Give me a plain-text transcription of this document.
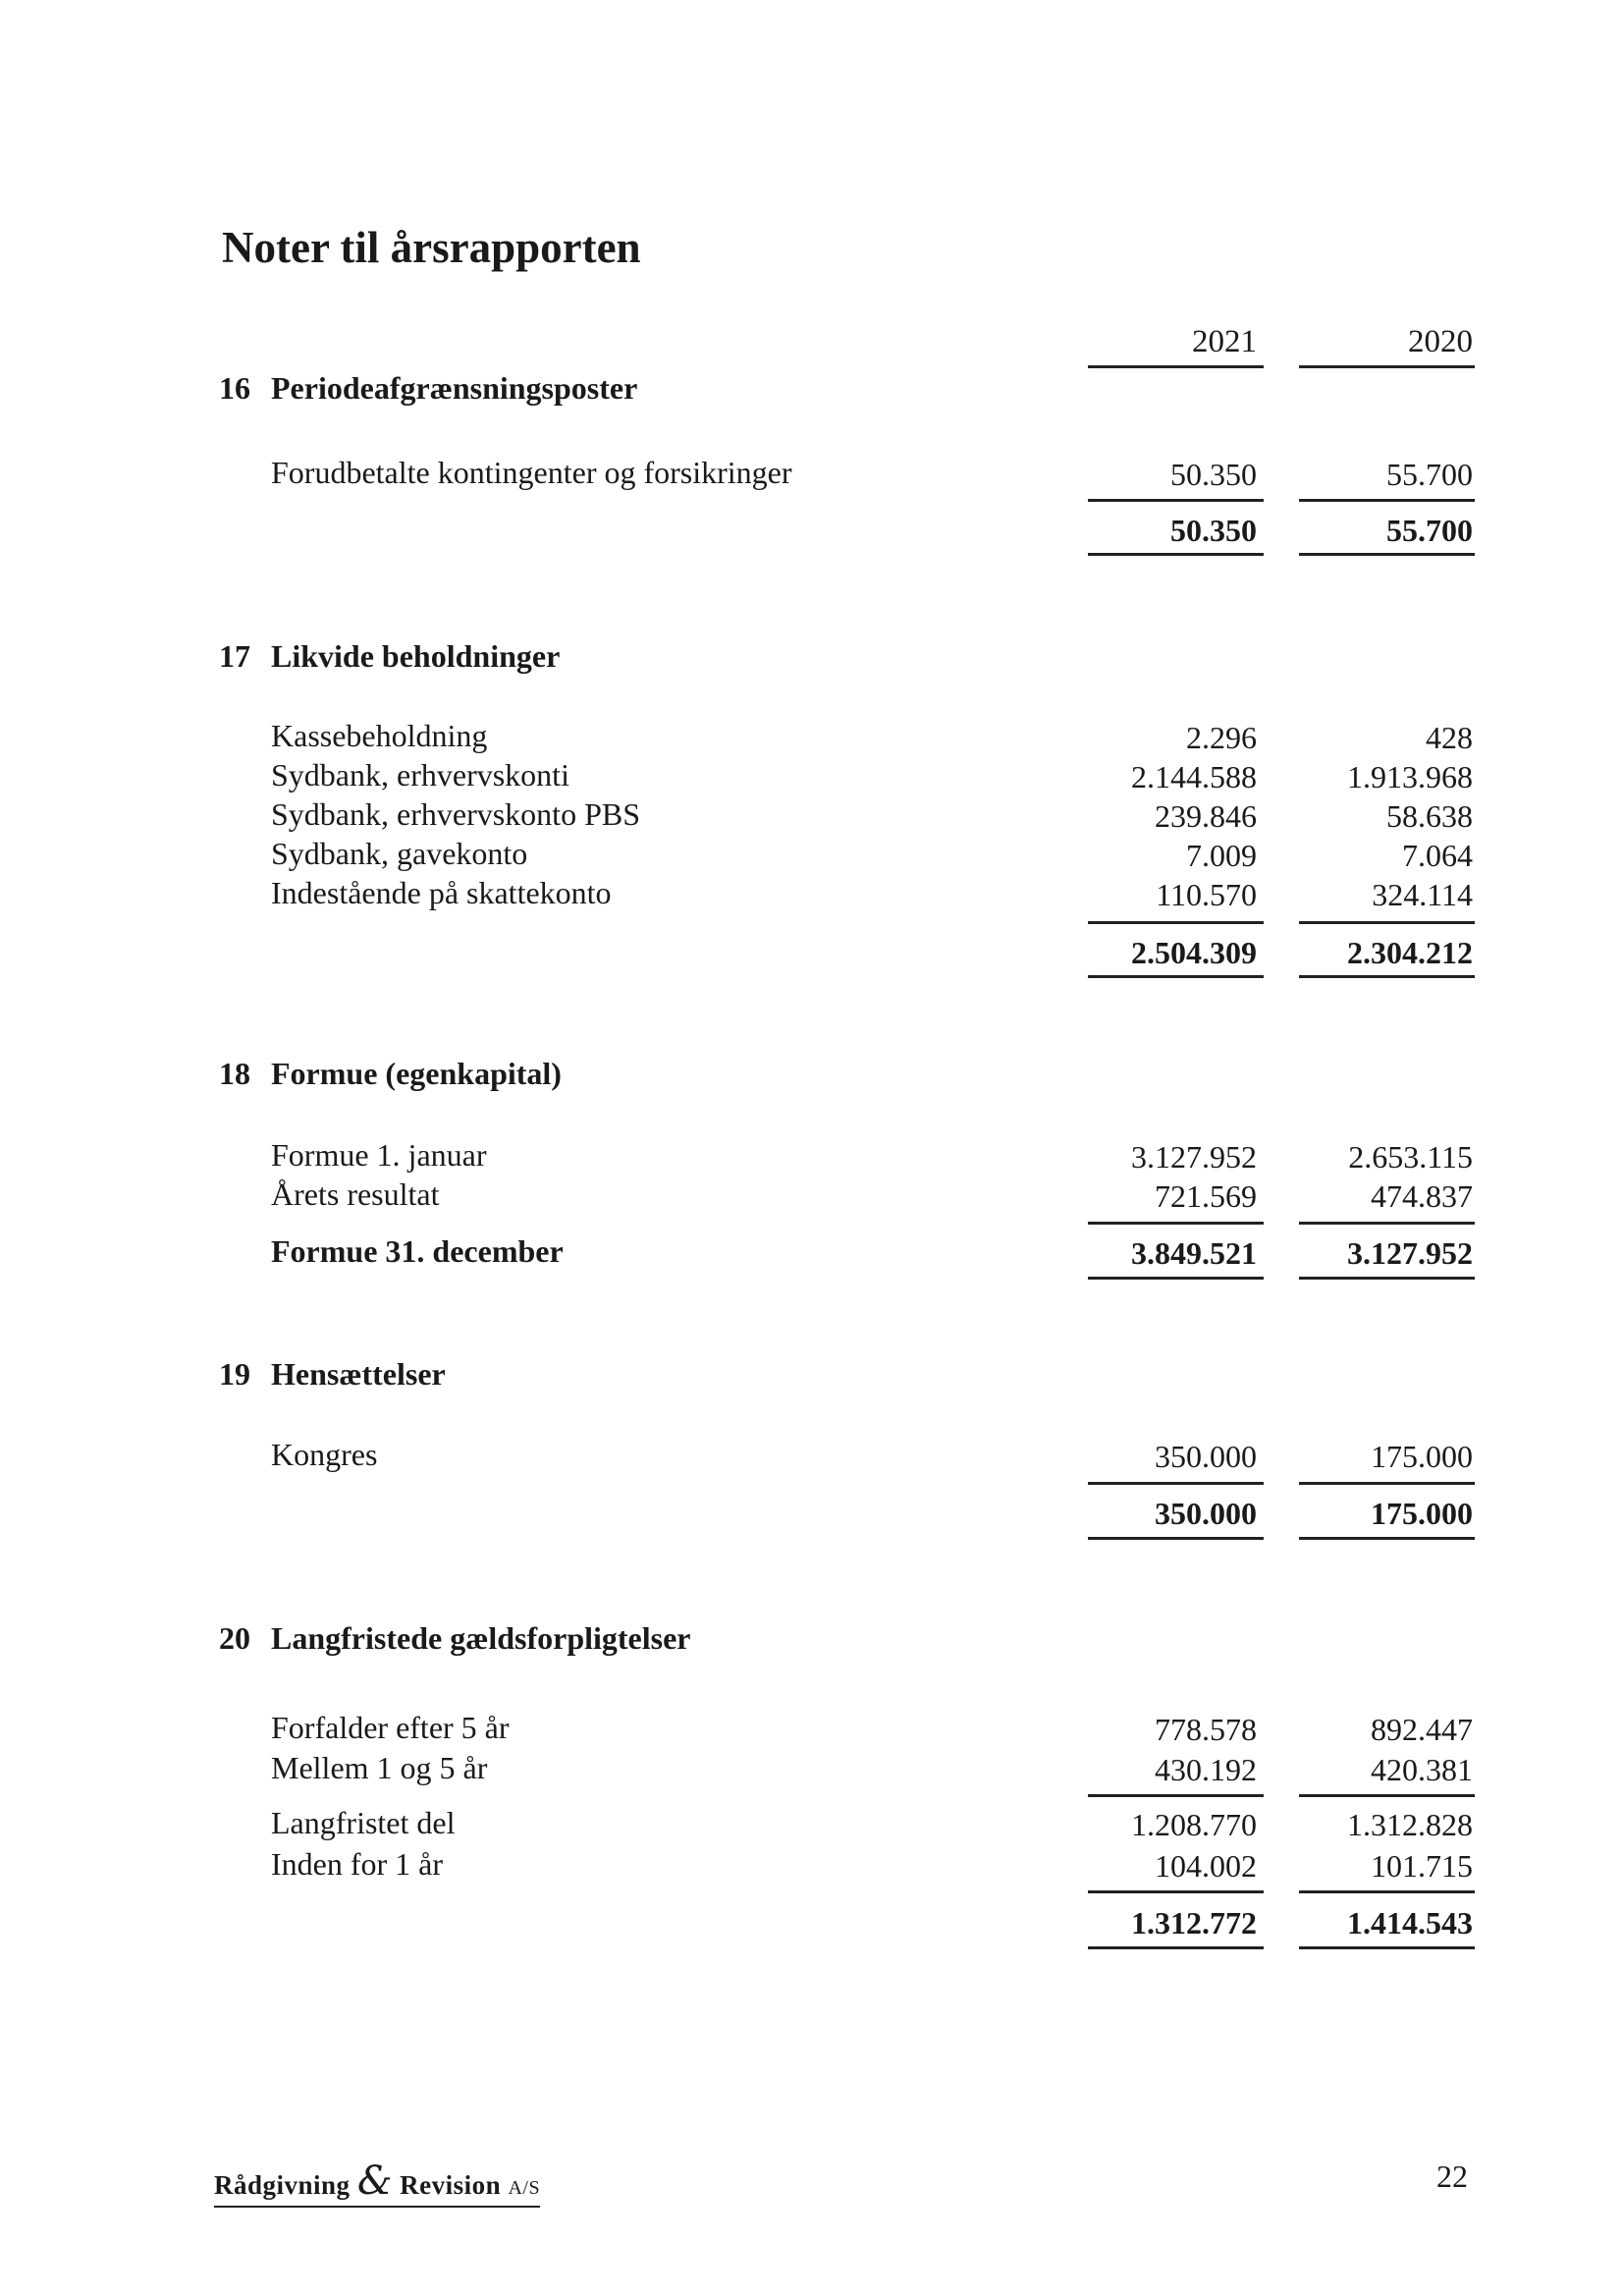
Noter til årsrapporten
2021	2020
16 Periodeafgrænsningsposter
Forudbetalte kontingenter og forsikringer	50.350	55.700
50.350	55.700
17 Likvide beholdninger
Kassebeholdning	2.296	428
Sydbank, erhvervskonti	2.144.588	1.913.968
Sydbank, erhvervskonto PBS	239.846	58.638
Sydbank, gavekonto	7.009	7.064
Indestående på skattekonto	110.570	324.114
2.504.309	2.304.212
18 Formue (egenkapital)
Formue 1. januar	3.127.952	2.653.115
Årets resultat	721.569	474.837
Formue 31. december	3.849.521	3.127.952
19 Hensættelser
Kongres	350.000	175.000
350.000	175.000
20 Langfristede gældsforpligtelser
Forfalder efter 5 år	778.578	892.447
Mellem 1 og 5 år	430.192	420.381
Langfristet del	1.208.770	1.312.828
Inden for 1 år	104.002	101.715
1.312.772	1.414.543
Rådgivning & Revision A/S	22
